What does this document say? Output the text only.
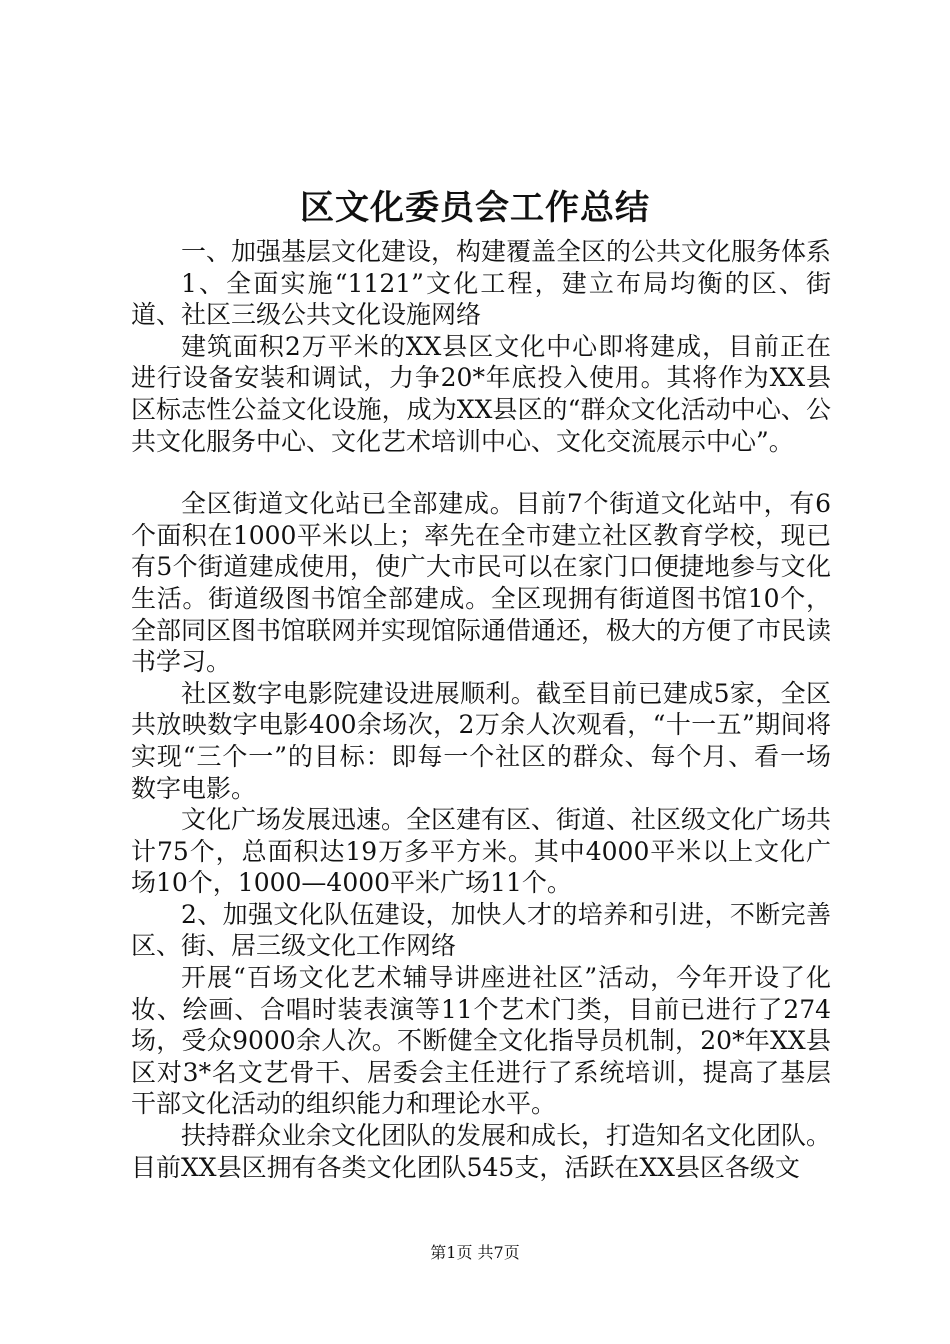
区文化委员会工作总结

一、加强基层文化建设，构建覆盖全区的公共文化服务体系

1、全面实施“1121”文化工程，建立布局均衡的区、街道、社区三级公共文化设施网络

建筑面积2万平米的XX县区文化中心即将建成，目前正在进行设备安装和调试，力争20*年底投入使用。其将作为XX县区标志性公益文化设施，成为XX县区的“群众文化活动中心、公共文化服务中心、文化艺术培训中心、文化交流展示中心”。

全区街道文化站已全部建成。目前7个街道文化站中，有6个面积在1000平米以上；率先在全市建立社区教育学校，现已有5个街道建成使用，使广大市民可以在家门口便捷地参与文化生活。街道级图书馆全部建成。全区现拥有街道图书馆10个，全部同区图书馆联网并实现馆际通借通还，极大的方便了市民读书学习。

社区数字电影院建设进展顺利。截至目前已建成5家，全区共放映数字电影400余场次，2万余人次观看，“十一五”期间将实现“三个一”的目标：即每一个社区的群众、每个月、看一场数字电影。

文化广场发展迅速。全区建有区、街道、社区级文化广场共计75个，总面积达19万多平方米。其中4000平米以上文化广场10个，1000—4000平米广场11个。

2、加强文化队伍建设，加快人才的培养和引进，不断完善区、街、居三级文化工作网络

开展“百场文化艺术辅导讲座进社区”活动，今年开设了化妆、绘画、合唱时装表演等11个艺术门类，目前已进行了274场，受众9000余人次。不断健全文化指导员机制，20*年XX县区对3*名文艺骨干、居委会主任进行了系统培训，提高了基层干部文化活动的组织能力和理论水平。

扶持群众业余文化团队的发展和成长，打造知名文化团队。目前XX县区拥有各类文化团队545支，活跃在XX县区各级文

第1页 共7页
